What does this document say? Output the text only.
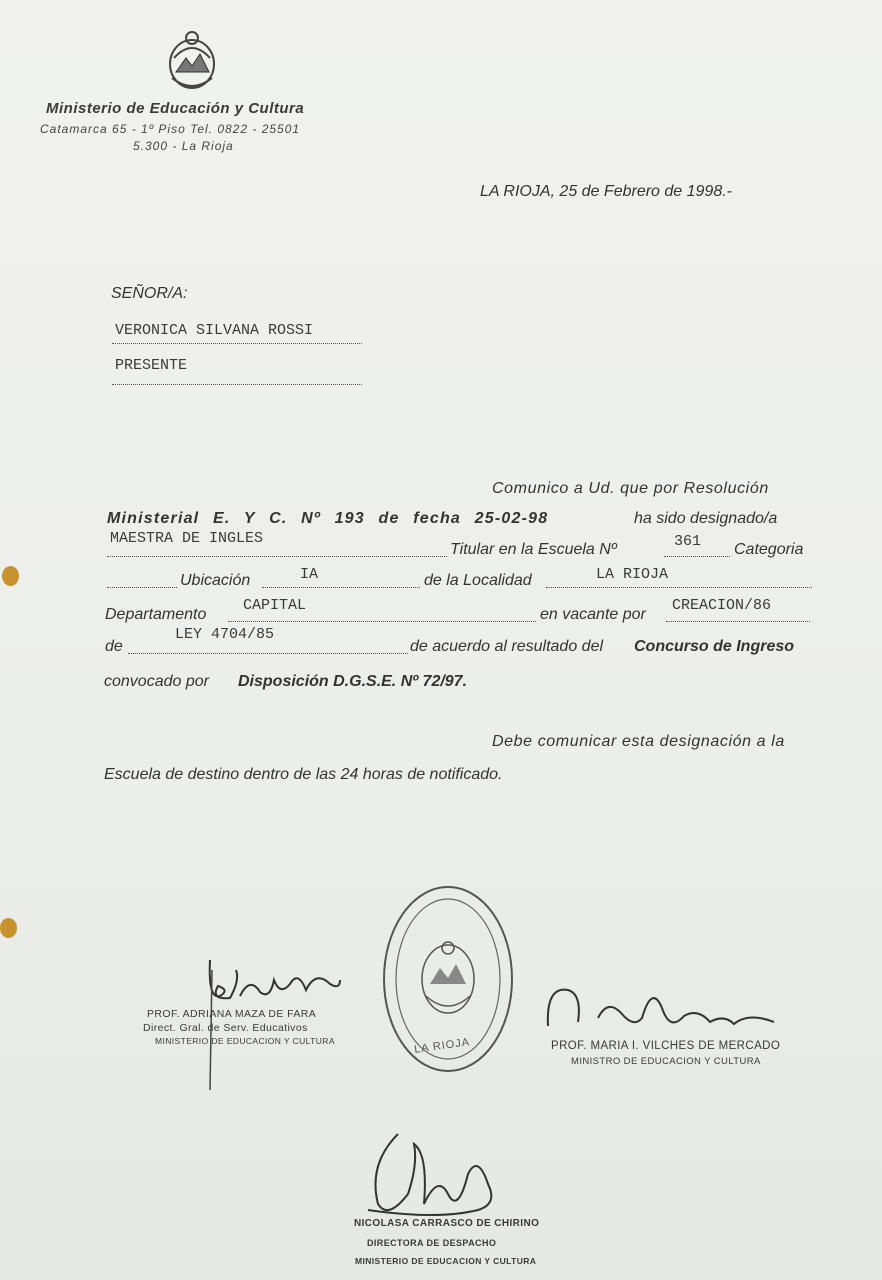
Ministerio de Educación y Cultura
Catamarca 65 - 1º Piso Tel. 0822 - 25501
5.300 - La Rioja
LA RIOJA, 25 de Febrero de 1998.-
SEÑOR/A:
VERONICA SILVANA ROSSI
PRESENTE
Comunico a Ud. que por Resolución
Ministerial E. Y C. Nº 193 de fecha 25-02-98	ha sido designado/a
MAESTRA DE INGLES
Titular en la Escuela Nº	361 Categoria
Ubicación	IA	de la Localidad	LA RIOJA
Departamento
CAPITAL
en vacante por
CREACION/86
de
LEY 4704/85
de acuerdo al resultado del Concurso de Ingreso
convocado por Disposición D.G.S.E. Nº 72/97.
Debe comunicar esta designación a la
Escuela de destino dentro de las 24 horas de notificado.
LA RIOJA
PROF. ADRIANA MAZA DE FARA
Direct. Gral. de Serv. Educativos
MINISTERIO DE EDUCACION Y CULTURA	PROF. MARIA I. VILCHES DE MERCADO
MINISTRO DE EDUCACION Y CULTURA
NICOLASA CARRASCO DE CHIRINO
DIRECTORA DE DESPACHO
MINISTERIO DE EDUCACION Y CULTURA
